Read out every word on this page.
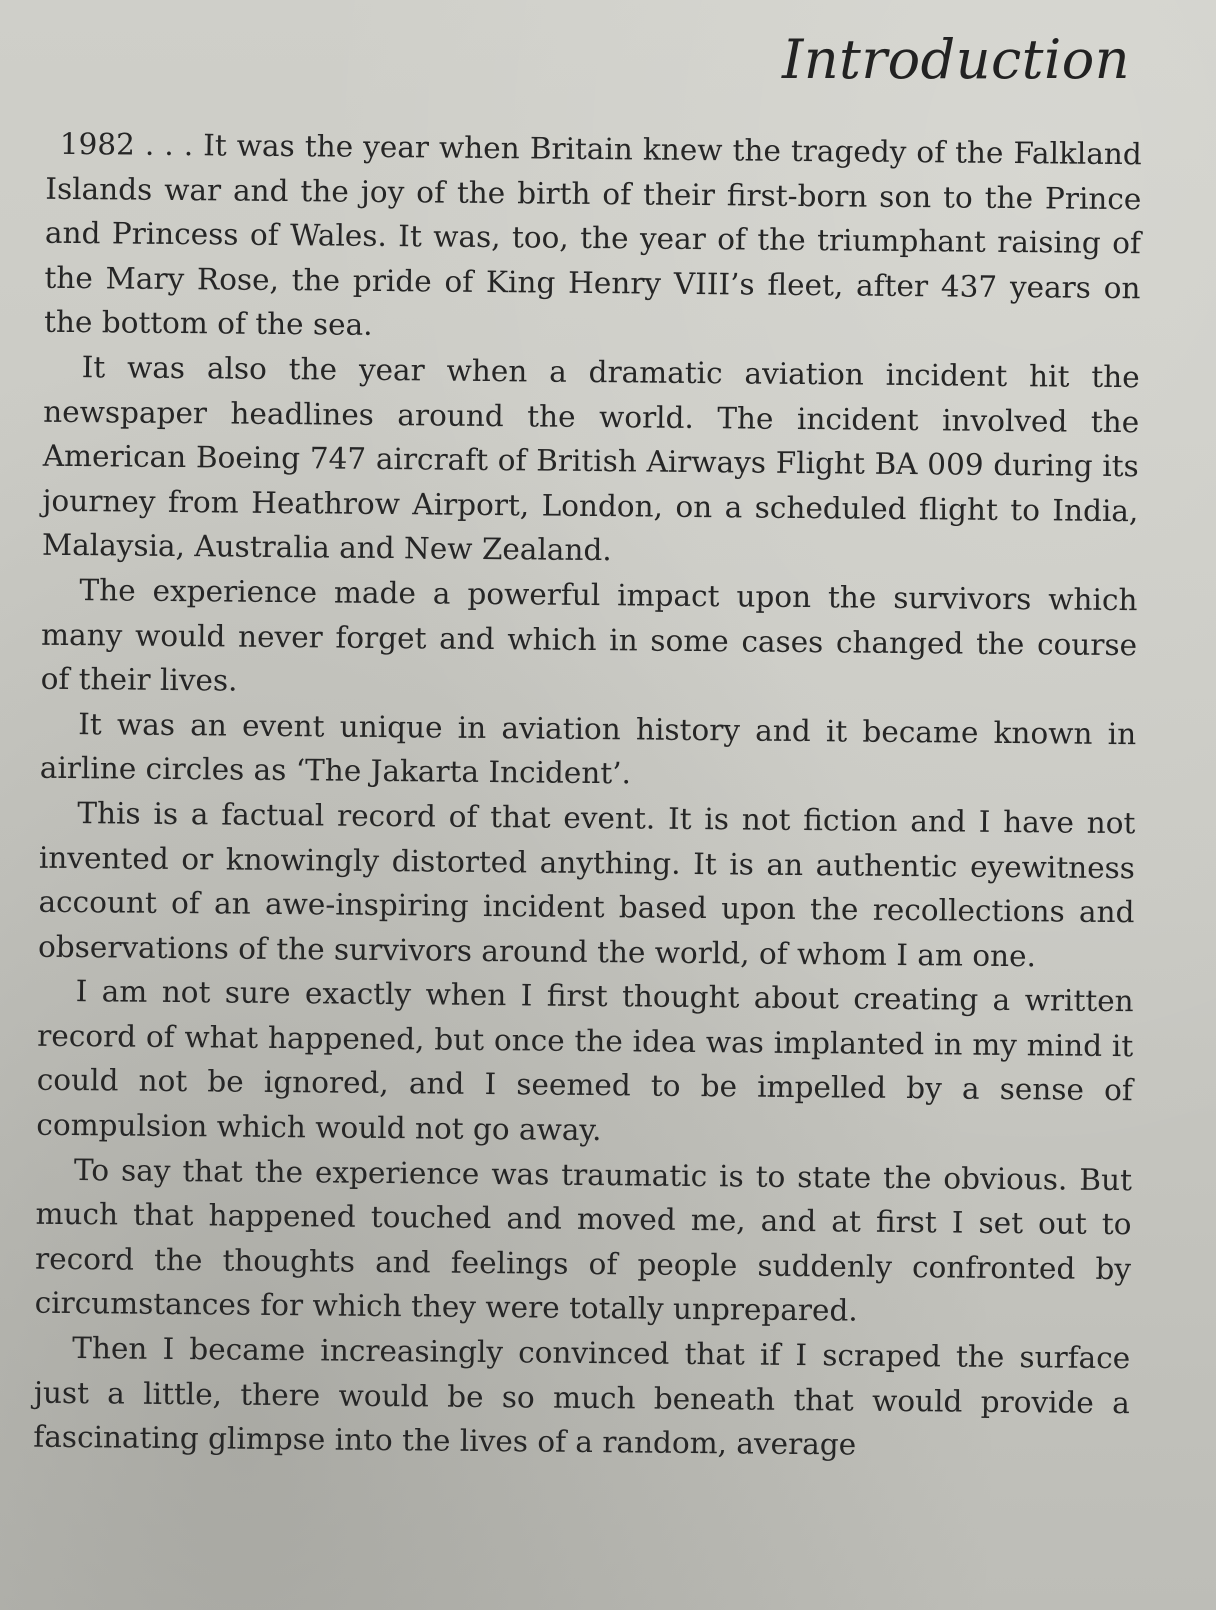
Introduction

1982 . . . It was the year when Britain knew the tragedy of the Falkland Islands war and the joy of the birth of their first-born son to the Prince and Princess of Wales. It was, too, the year of the triumphant raising of the Mary Rose, the pride of King Henry VIII’s fleet, after 437 years on the bottom of the sea.

It was also the year when a dramatic aviation incident hit the newspaper headlines around the world. The incident involved the American Boeing 747 aircraft of British Airways Flight BA 009 during its journey from Heathrow Airport, London, on a scheduled flight to India, Malaysia, Australia and New Zealand.

The experience made a powerful impact upon the survivors which many would never forget and which in some cases changed the course of their lives.

It was an event unique in aviation history and it became known in airline circles as ‘The Jakarta Incident’.

This is a factual record of that event. It is not fiction and I have not invented or knowingly distorted anything. It is an authentic eyewitness account of an awe-inspiring incident based upon the recollections and observations of the survivors around the world, of whom I am one.

I am not sure exactly when I first thought about creating a written record of what happened, but once the idea was implanted in my mind it could not be ignored, and I seemed to be impelled by a sense of compulsion which would not go away.

To say that the experience was traumatic is to state the obvious. But much that happened touched and moved me, and at first I set out to record the thoughts and feelings of people suddenly confronted by circumstances for which they were totally unprepared.

Then I became increasingly convinced that if I scraped the surface just a little, there would be so much beneath that would provide a fascinating glimpse into the lives of a random, average
